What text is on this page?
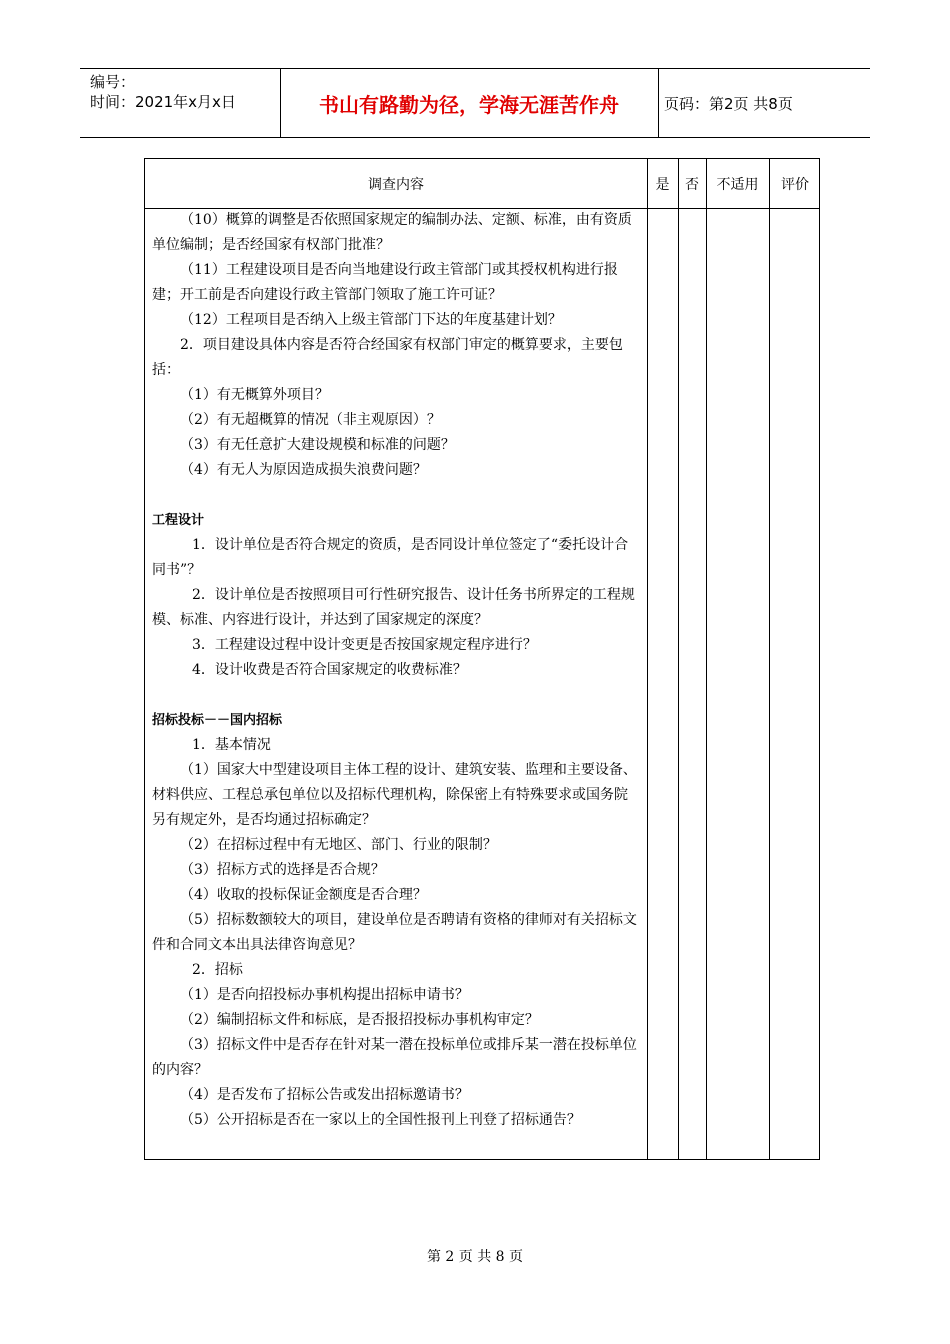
编号：
时间：2021年x月x日	书山有路勤为径，学海无涯苦作舟	页码：第2页 共8页
调查内容	是	否	不适用	评价

（10）概算的调整是否依照国家规定的编制办法、定额、标准，由有资质单位编制；是否经国家有权部门批准？

（11）工程建设项目是否向当地建设行政主管部门或其授权机构进行报建；开工前是否向建设行政主管部门领取了施工许可证？

（12）工程项目是否纳入上级主管部门下达的年度基建计划？

2．项目建设具体内容是否符合经国家有权部门审定的概算要求，主要包括：

（1）有无概算外项目？

（2）有无超概算的情况（非主观原因）？

（3）有无任意扩大建设规模和标准的问题？

（4）有无人为原因造成损失浪费问题？

工程设计

1．设计单位是否符合规定的资质，是否同设计单位签定了“委托设计合同书”？

2．设计单位是否按照项目可行性研究报告、设计任务书所界定的工程规模、标准、内容进行设计，并达到了国家规定的深度？

3．工程建设过程中设计变更是否按国家规定程序进行？

4．设计收费是否符合国家规定的收费标准？

招标投标－－国内招标

1．基本情况

（1）国家大中型建设项目主体工程的设计、建筑安装、监理和主要设备、材料供应、工程总承包单位以及招标代理机构，除保密上有特殊要求或国务院另有规定外，是否均通过招标确定？

（2）在招标过程中有无地区、部门、行业的限制？

（3）招标方式的选择是否合规？

（4）收取的投标保证金额度是否合理？

（5）招标数额较大的项目，建设单位是否聘请有资格的律师对有关招标文件和合同文本出具法律咨询意见？

2．招标

（1）是否向招投标办事机构提出招标申请书？

（2）编制招标文件和标底，是否报招投标办事机构审定？

（3）招标文件中是否存在针对某一潜在投标单位或排斥某一潜在投标单位的内容？

（4）是否发布了招标公告或发出招标邀请书？

（5）公开招标是否在一家以上的全国性报刊上刊登了招标通告？

第 2 页 共 8 页
